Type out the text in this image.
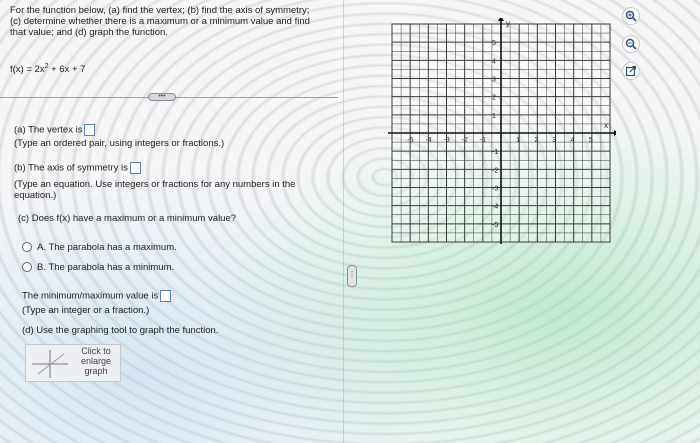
For the function below, (a) find the vertex; (b) find the axis of symmetry;
(c) determine whether there is a maximum or a minimum value and find
that value; and (d) graph the function.
$f(x) = 2x^2 + 6x + 7$
•••
(a) The vertex is
(Type an ordered pair, using integers or fractions.)
(b) The axis of symmetry is
(Type an equation. Use integers or fractions for any numbers in the
equation.)
(c) Does f(x) have a maximum or a minimum value?
A. The parabola has a maximum.
B. The parabola has a minimum.
The minimum/maximum value is
(Type an integer or a fraction.)
(d) Use the graphing tool to graph the function.
Click to
enlarge
graph
⋮
x
y
-5 -4 -3 -2 -1	1 2 3 4 5
5
4
3
2
1
-1
-2
-3
-4
-5
